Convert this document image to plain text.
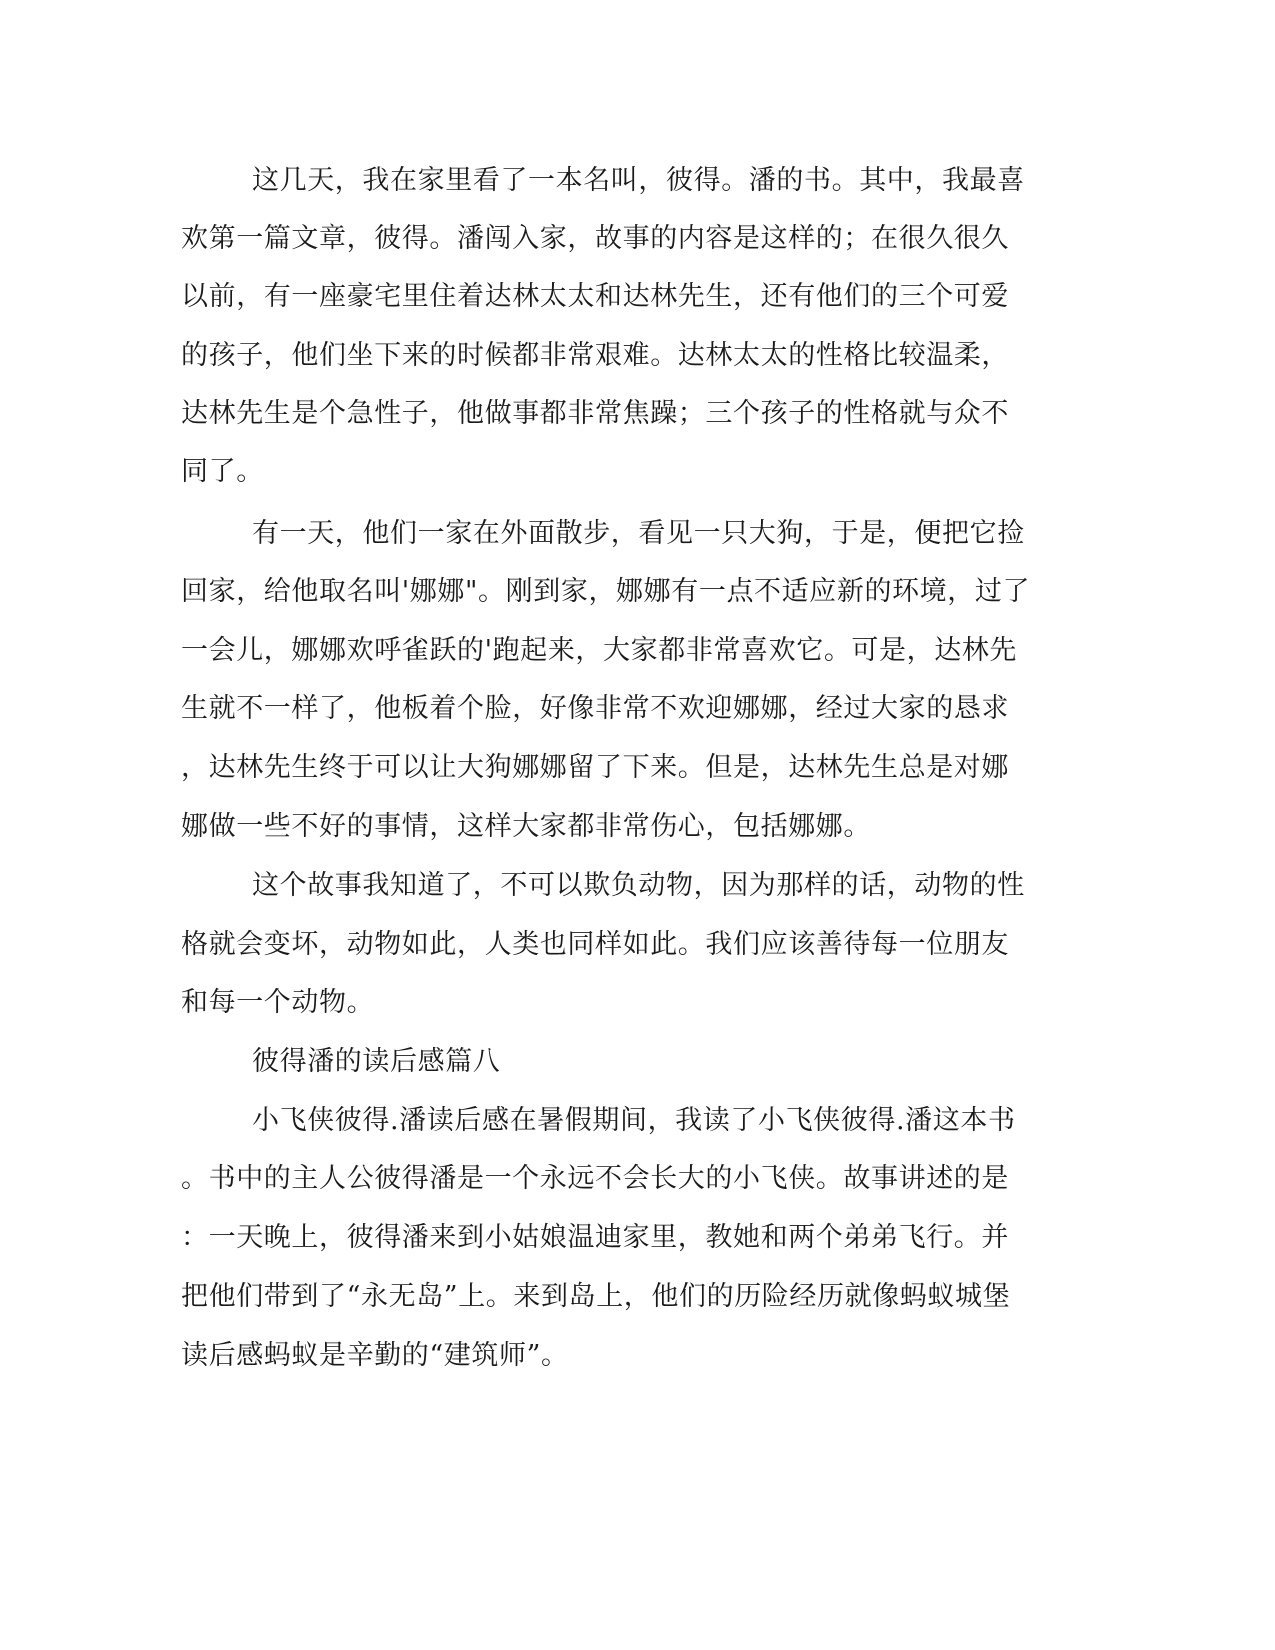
这几天，我在家里看了一本名叫，彼得。潘的书。其中，我最喜
欢第一篇文章，彼得。潘闯入家，故事的内容是这样的；在很久很久
以前，有一座豪宅里住着达林太太和达林先生，还有他们的三个可爱
的孩子，他们坐下来的时候都非常艰难。达林太太的性格比较温柔，
达林先生是个急性子，他做事都非常焦躁；三个孩子的性格就与众不
同了。
有一天，他们一家在外面散步，看见一只大狗，于是，便把它捡
回家，给他取名叫'娜娜"。刚到家，娜娜有一点不适应新的环境，过了
一会儿，娜娜欢呼雀跃的'跑起来，大家都非常喜欢它。可是，达林先
生就不一样了，他板着个脸，好像非常不欢迎娜娜，经过大家的恳求
，达林先生终于可以让大狗娜娜留了下来。但是，达林先生总是对娜
娜做一些不好的事情，这样大家都非常伤心，包括娜娜。
这个故事我知道了，不可以欺负动物，因为那样的话，动物的性
格就会变坏，动物如此，人类也同样如此。我们应该善待每一位朋友
和每一个动物。
彼得潘的读后感篇八
小飞侠彼得.潘读后感在暑假期间，我读了小飞侠彼得.潘这本书
。书中的主人公彼得潘是一个永远不会长大的小飞侠。故事讲述的是
：一天晚上，彼得潘来到小姑娘温迪家里，教她和两个弟弟飞行。并
把他们带到了“永无岛”上。来到岛上，他们的历险经历就像蚂蚁城堡
读后感蚂蚁是辛勤的“建筑师”。
